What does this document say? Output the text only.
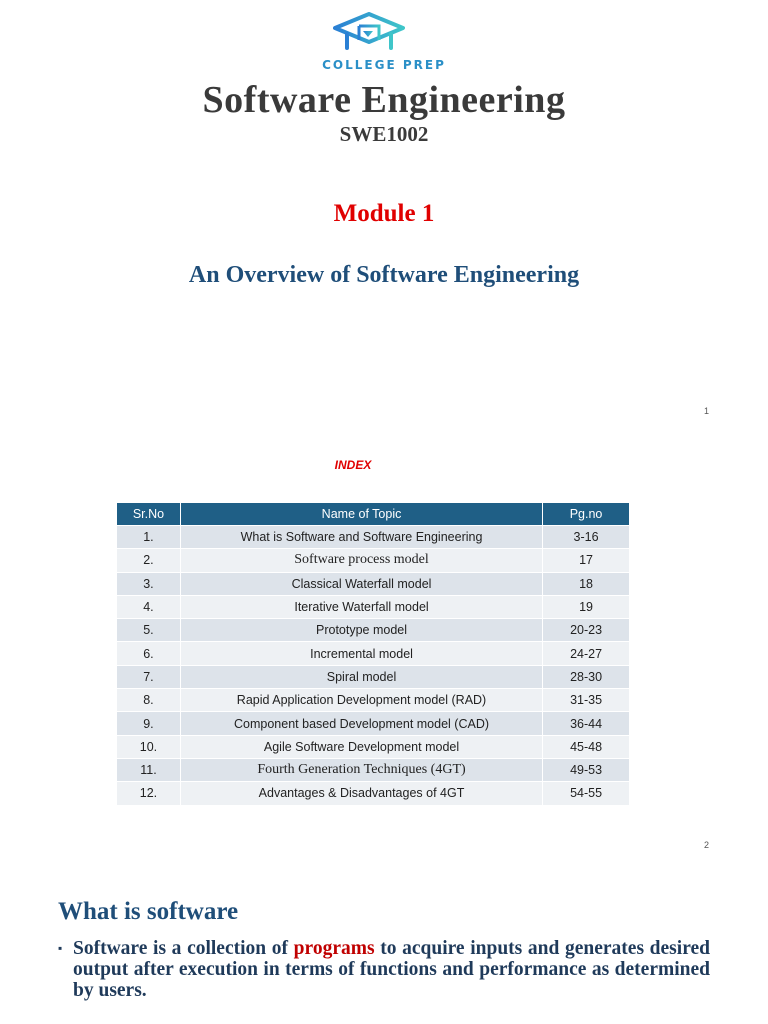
COLLEGE PREP
Software Engineering
SWE1002
Module 1
An Overview of Software Engineering
1
INDEX
Sr.No	Name of Topic	Pg.no
1.	What is Software and Software Engineering	3-16
2.	Software process model	17
3.	Classical Waterfall model	18
4.	Iterative Waterfall model	19
5.	Prototype model	20-23
6.	Incremental model	24-27
7.	Spiral model	28-30
8.	Rapid Application Development model (RAD)	31-35
9.	Component based Development model (CAD)	36-44
10.	Agile Software Development model	45-48
11.	Fourth Generation Techniques (4GT)	49-53
12.	Advantages & Disadvantages of 4GT	54-55
2
What is software
▪ Software is a collection of programs to acquire inputs and generates desired output after execution in terms of functions and performance as determined by users.
